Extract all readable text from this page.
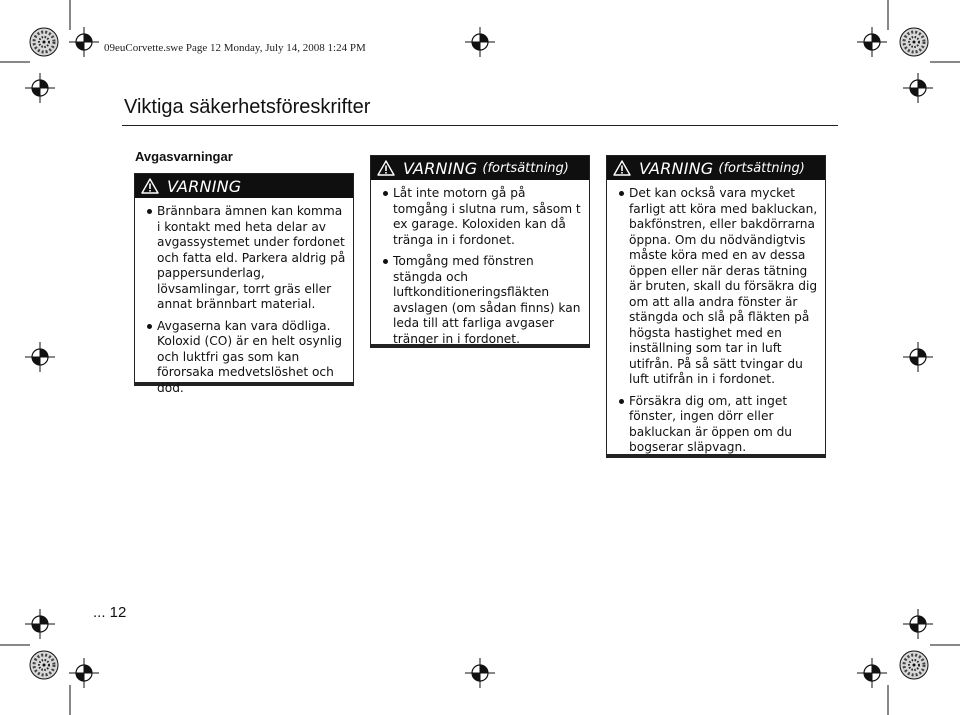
09euCorvette.swe Page 12 Monday, July 14, 2008 1:24 PM
Viktiga säkerhetsföreskrifter
Avgasvarningar
VARNING
Brännbara ämnen kan komma i kontakt med heta delar av avgassystemet under fordonet och fatta eld. Parkera aldrig på pappersunderlag, lövsamlingar, torrt gräs eller annat brännbart material.
Avgaserna kan vara dödliga. Koloxid (CO) är en helt osynlig och luktfri gas som kan förorsaka medvetslöshet och död.
VARNING (fortsättning)
Låt inte motorn gå på tomgång i slutna rum, såsom t ex garage. Koloxiden kan då tränga in i fordonet.
Tomgång med fönstren stängda och luftkonditioneringsfläkten avslagen (om sådan finns) kan leda till att farliga avgaser tränger in i fordonet.
VARNING (fortsättning)
Det kan också vara mycket farligt att köra med bakluckan, bakfönstren, eller bakdörrarna öppna. Om du nödvändigtvis måste köra med en av dessa öppen eller när deras tätning är bruten, skall du försäkra dig om att alla andra fönster är stängda och slå på fläkten på högsta hastighet med en inställning som tar in luft utifrån. På så sätt tvingar du luft utifrån in i fordonet.
Försäkra dig om, att inget fönster, ingen dörr eller bakluckan är öppen om du bogserar släpvagn.
... 12
